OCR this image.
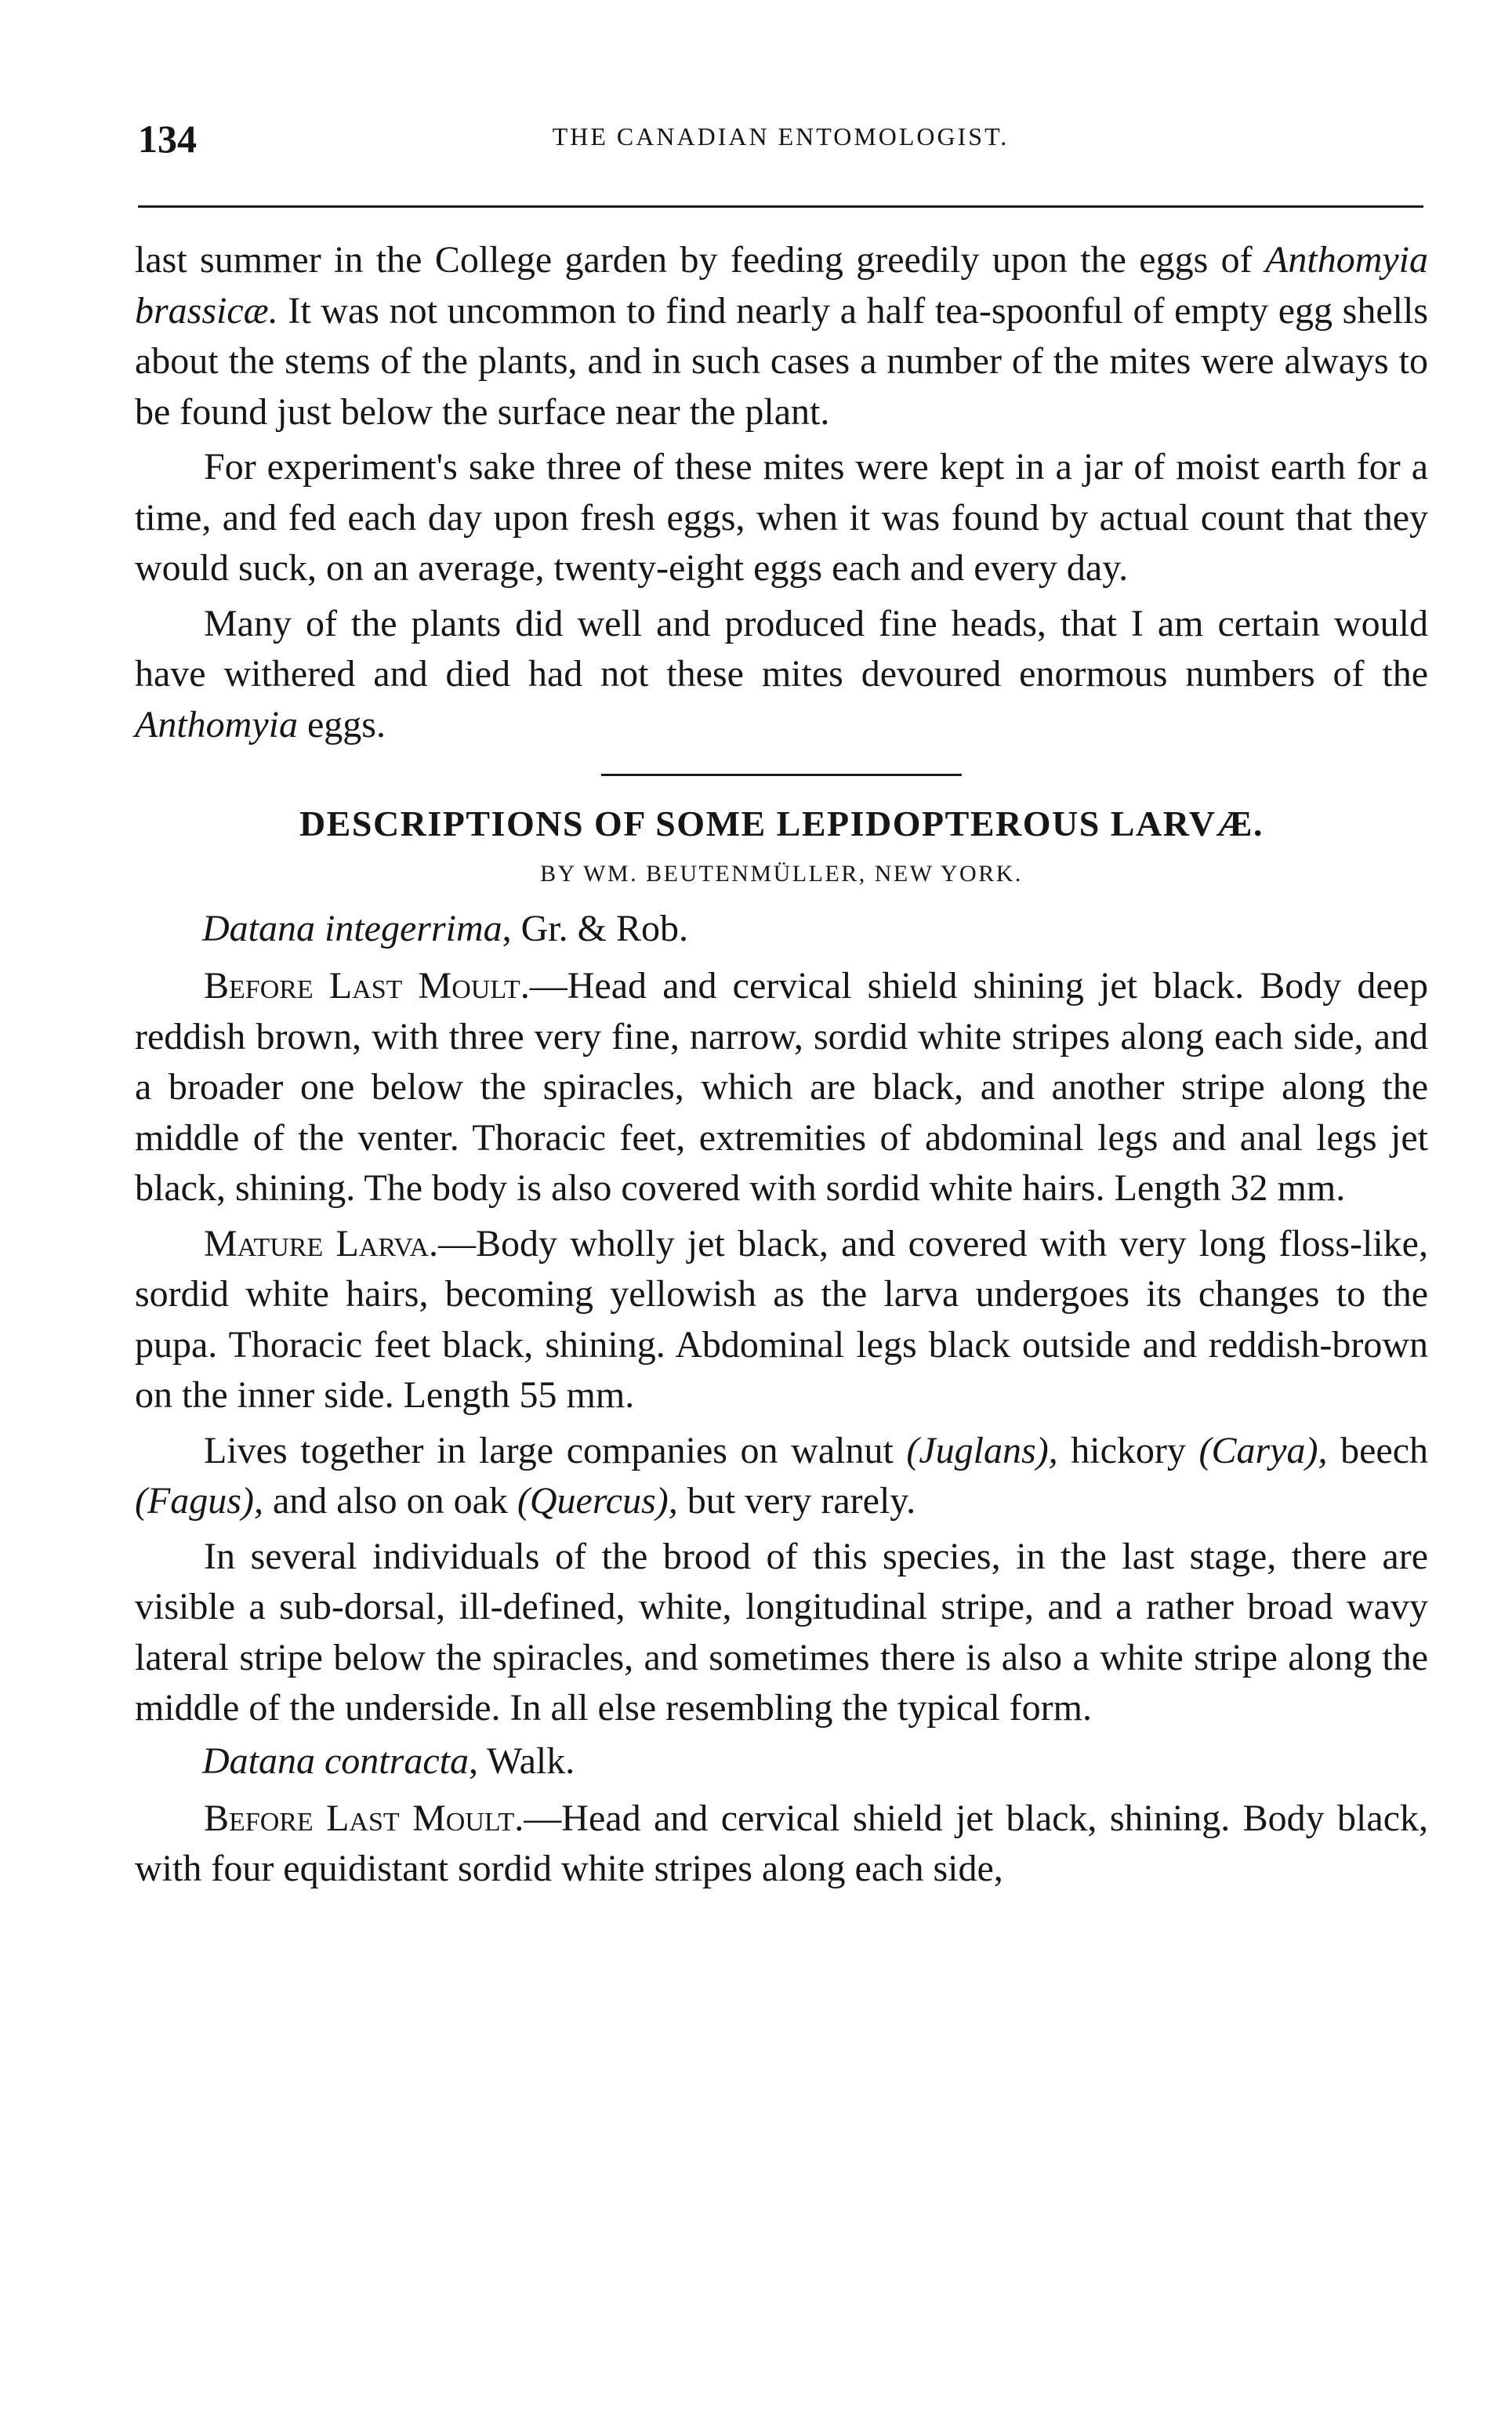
134	THE CANADIAN ENTOMOLOGIST.

last summer in the College garden by feeding greedily upon the eggs of Anthomyia brassicæ. It was not uncommon to find nearly a half tea-spoonful of empty egg shells about the stems of the plants, and in such cases a number of the mites were always to be found just below the surface near the plant.

For experiment's sake three of these mites were kept in a jar of moist earth for a time, and fed each day upon fresh eggs, when it was found by actual count that they would suck, on an average, twenty-eight eggs each and every day.

Many of the plants did well and produced fine heads, that I am certain would have withered and died had not these mites devoured enormous numbers of the Anthomyia eggs.

DESCRIPTIONS OF SOME LEPIDOPTEROUS LARVÆ.
BY WM. BEUTENMÜLLER, NEW YORK.

Datana integerrima, Gr. & Rob.

Before Last Moult.—Head and cervical shield shining jet black. Body deep reddish brown, with three very fine, narrow, sordid white stripes along each side, and a broader one below the spiracles, which are black, and another stripe along the middle of the venter. Thoracic feet, extremities of abdominal legs and anal legs jet black, shining. The body is also covered with sordid white hairs. Length 32 mm.

Mature Larva.—Body wholly jet black, and covered with very long floss-like, sordid white hairs, becoming yellowish as the larva undergoes its changes to the pupa. Thoracic feet black, shining. Abdominal legs black outside and reddish-brown on the inner side. Length 55 mm.

Lives together in large companies on walnut (Juglans), hickory (Carya), beech (Fagus), and also on oak (Quercus), but very rarely.

In several individuals of the brood of this species, in the last stage, there are visible a sub-dorsal, ill-defined, white, longitudinal stripe, and a rather broad wavy lateral stripe below the spiracles, and sometimes there is also a white stripe along the middle of the underside. In all else resembling the typical form.

Datana contracta, Walk.

Before Last Moult.—Head and cervical shield jet black, shining. Body black, with four equidistant sordid white stripes along each side,
